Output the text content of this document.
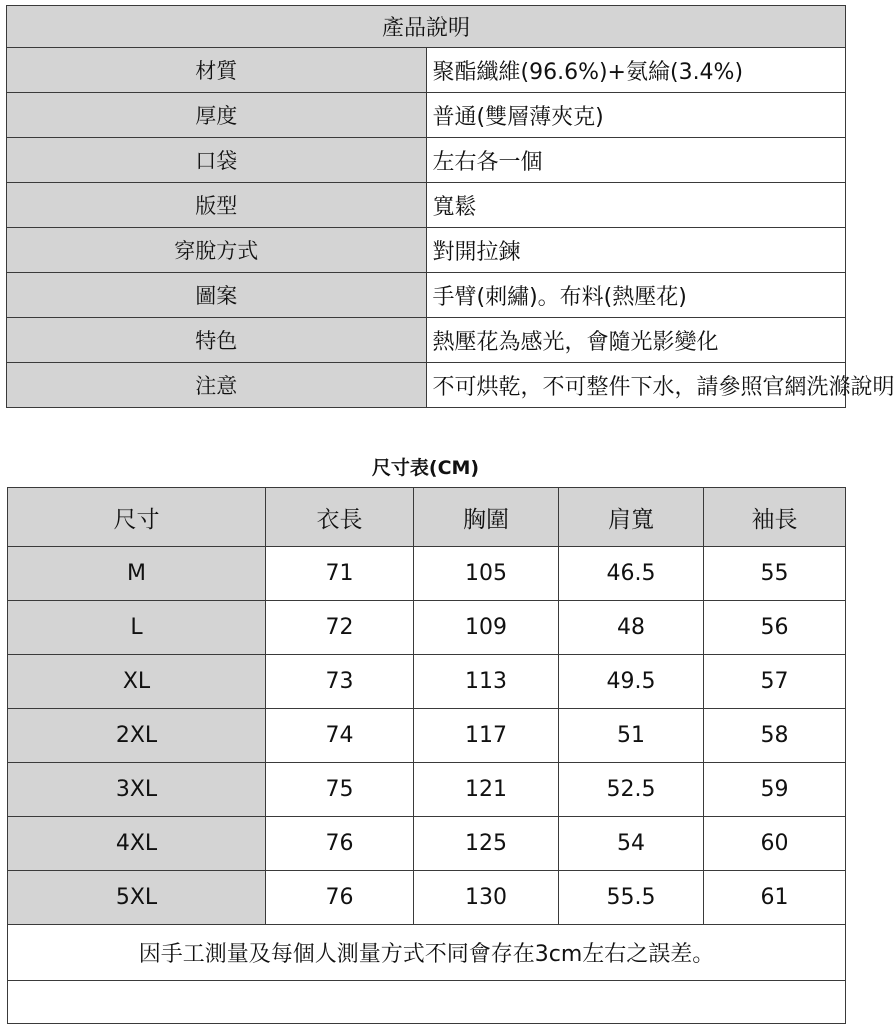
產品說明	
材質	聚酯纖維(96.6%)+氨綸(3.4%)
厚度	普通(雙層薄夾克)
口袋	左右各一個
版型	寬鬆
穿脫方式	對開拉鍊
圖案	手臂(刺繡)。布料(熱壓花)
特色	熱壓花為感光，會隨光影變化
注意	不可烘乾，不可整件下水，請參照官網洗滌說明
尺寸表(CM)
尺寸	衣長	胸圍	肩寬	袖長
M	71	105	46.5	55
L	72	109	48	56
XL	73	113	49.5	57
2XL	74	117	51	58
3XL	75	121	52.5	59
4XL	76	125	54	60
5XL	76	130	55.5	61
因手工測量及每個人測量方式不同會存在3cm左右之誤差。				
